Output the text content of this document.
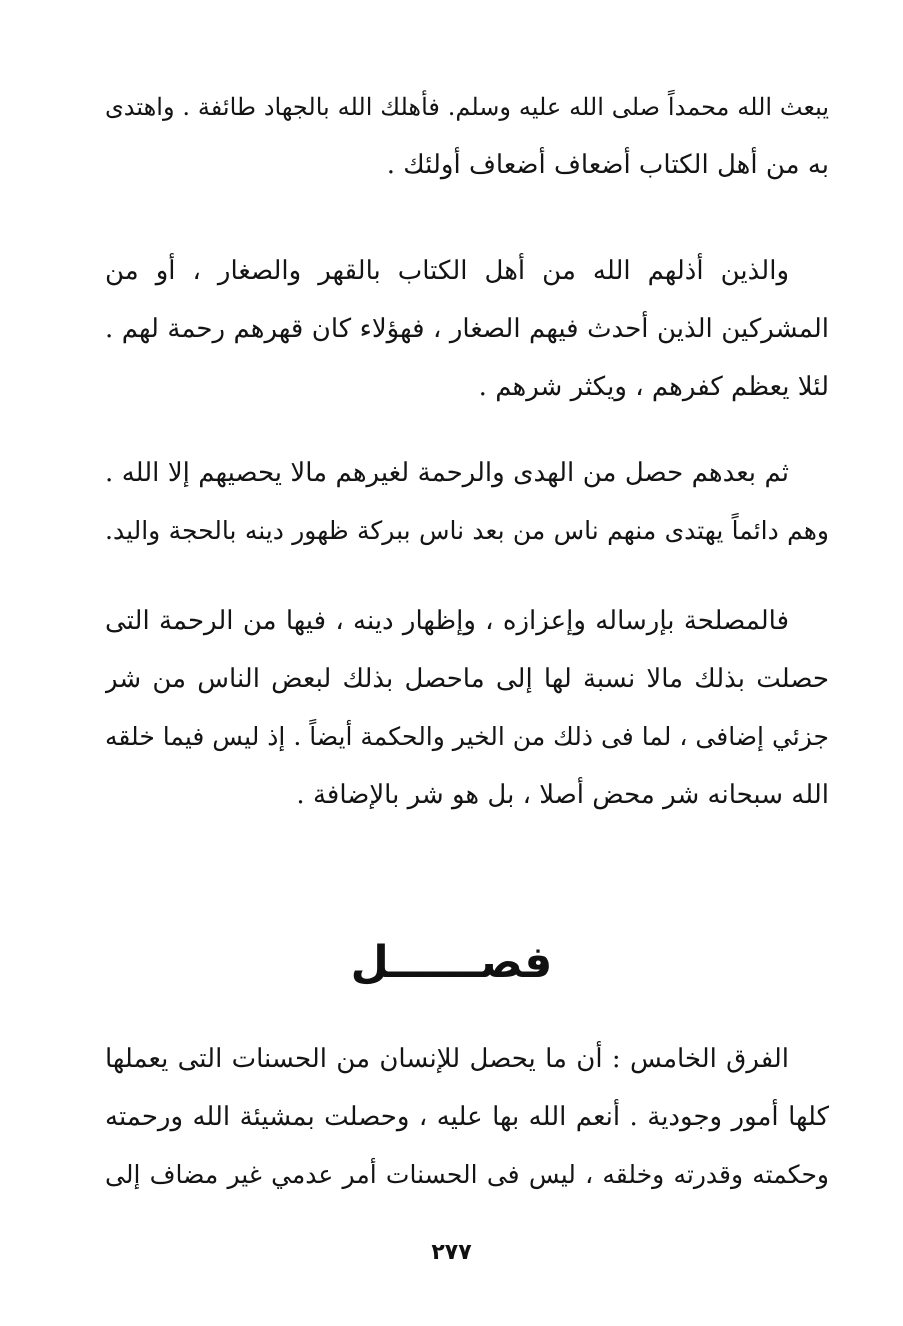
يبعث الله محمداً صلى الله عليه وسلم. فأهلك الله بالجهاد طائفة . واهتدى
به من أهل الكتاب أضعاف أضعاف أولئك .
والذين أذلهم الله من أهل الكتاب بالقهر والصغار ، أو من
المشركين الذين أحدث فيهم الصغار ، فهؤلاء كان قهرهم رحمة لهم .
لئلا يعظم كفرهم ، ويكثر شرهم .
ثم بعدهم حصل من الهدى والرحمة لغيرهم مالا يحصيهم إلا الله .
وهم دائماً يهتدى منهم ناس من بعد ناس ببركة ظهور دينه بالحجة واليد.
فالمصلحة بإرساله وإعزازه ، وإظهار دينه ، فيها من الرحمة التى
حصلت بذلك مالا نسبة لها إلى ماحصل بذلك لبعض الناس من شر
جزئي إضافى ، لما فى ذلك من الخير والحكمة أيضاً . إذ ليس فيما خلقه
الله سبحانه شر محض أصلا ، بل هو شر بالإضافة .
فصــــــل
الفرق الخامس : أن ما يحصل للإنسان من الحسنات التى يعملها
كلها أمور وجودية . أنعم الله بها عليه ، وحصلت بمشيئة الله ورحمته
وحكمته وقدرته وخلقه ، ليس فى الحسنات أمر عدمي غير مضاف إلى
٢٧٧
